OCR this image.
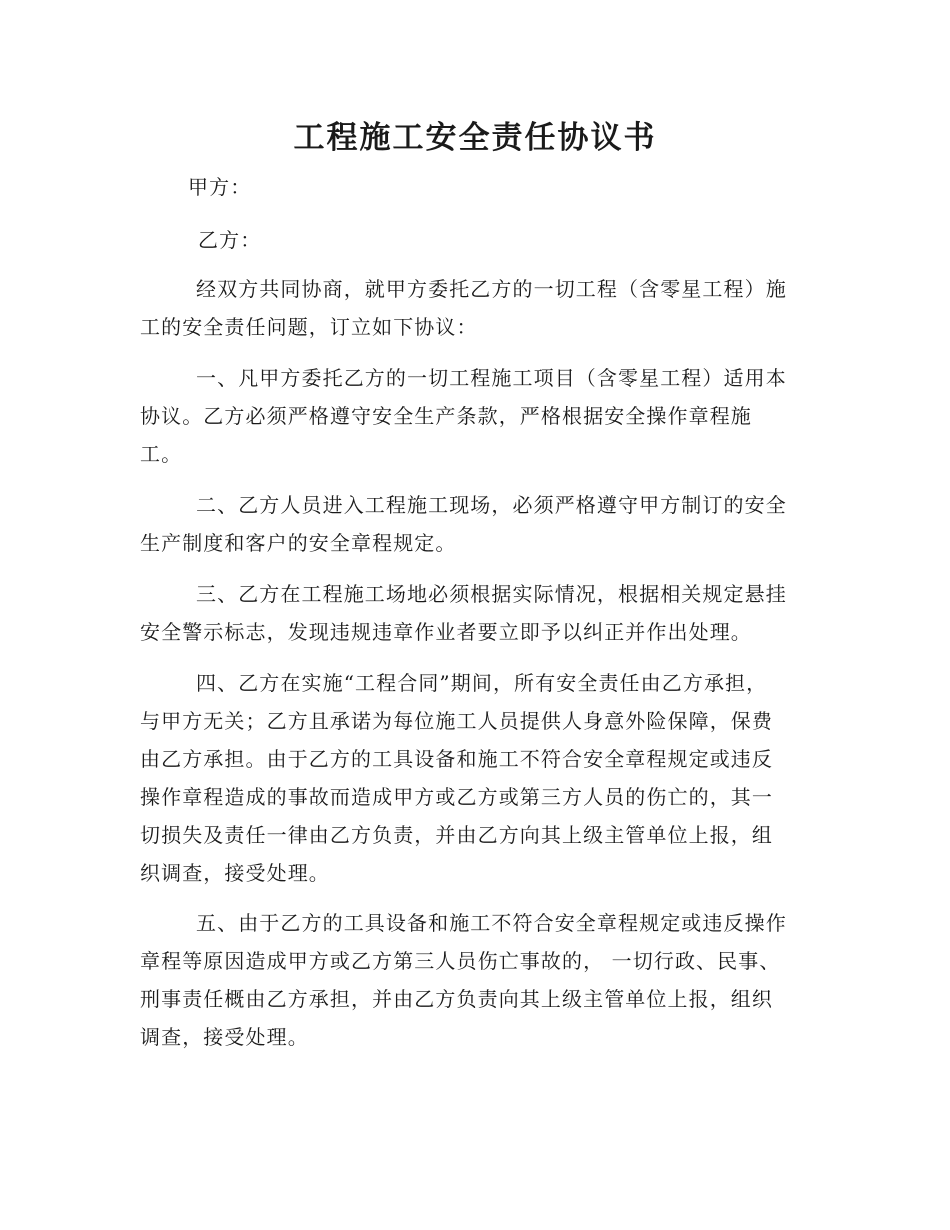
工程施工安全责任协议书

甲方：

乙方：

经双方共同协商，就甲方委托乙方的一切工程（含零星工程）施
工的安全责任问题，订立如下协议：

一、凡甲方委托乙方的一切工程施工项目（含零星工程）适用本
协议。乙方必须严格遵守安全生产条款，严格根据安全操作章程施
工。

二、乙方人员进入工程施工现场，必须严格遵守甲方制订的安全
生产制度和客户的安全章程规定。

三、乙方在工程施工场地必须根据实际情况，根据相关规定悬挂
安全警示标志，发现违规违章作业者要立即予以纠正并作出处理。

四、乙方在实施“工程合同”期间，所有安全责任由乙方承担，
与甲方无关；乙方且承诺为每位施工人员提供人身意外险保障，保费
由乙方承担。由于乙方的工具设备和施工不符合安全章程规定或违反
操作章程造成的事故而造成甲方或乙方或第三方人员的伤亡的，其一
切损失及责任一律由乙方负责，并由乙方向其上级主管单位上报，组
织调查，接受处理。

五、由于乙方的工具设备和施工不符合安全章程规定或违反操作
章程等原因造成甲方或乙方第三人员伤亡事故的， 一切行政、民事、
刑事责任概由乙方承担，并由乙方负责向其上级主管单位上报，组织
调查，接受处理。
